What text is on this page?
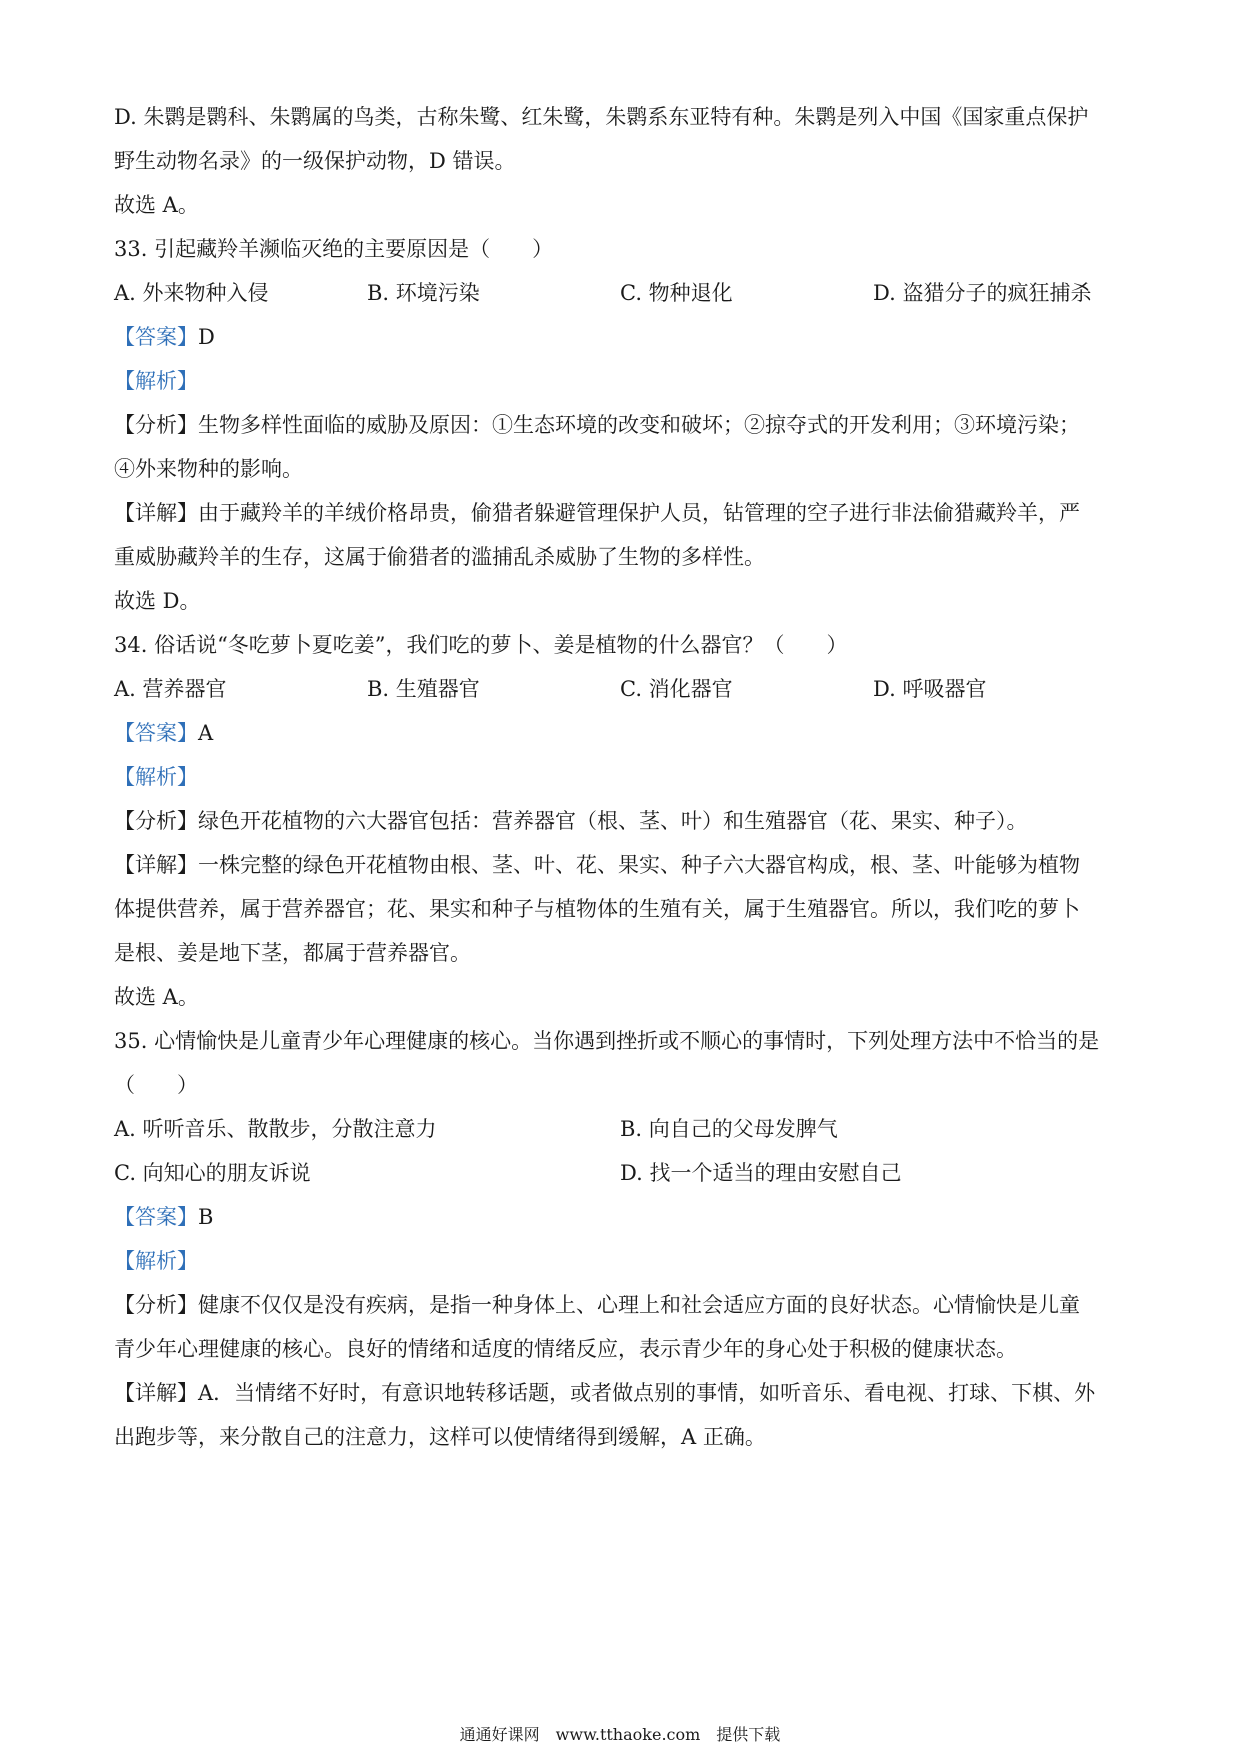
D. 朱鹮是鹮科、朱鹮属的鸟类，古称朱鹭、红朱鹭，朱鹮系东亚特有种。朱鹮是列入中国《国家重点保护
野生动物名录》的一级保护动物，D 错误。
故选 A。
33. 引起藏羚羊濒临灭绝的主要原因是（　　）
A. 外来物种入侵	B. 环境污染	C. 物种退化	D. 盗猎分子的疯狂捕杀
【答案】D
【解析】
【分析】生物多样性面临的威胁及原因：①生态环境的改变和破坏；②掠夺式的开发利用；③环境污染；
④外来物种的影响。
【详解】由于藏羚羊的羊绒价格昂贵，偷猎者躲避管理保护人员，钻管理的空子进行非法偷猎藏羚羊，严
重威胁藏羚羊的生存，这属于偷猎者的滥捕乱杀威胁了生物的多样性。
故选 D。
34. 俗话说“冬吃萝卜夏吃姜”，我们吃的萝卜、姜是植物的什么器官？（　　）
A. 营养器官	B. 生殖器官	C. 消化器官	D. 呼吸器官
【答案】A
【解析】
【分析】绿色开花植物的六大器官包括：营养器官（根、茎、叶）和生殖器官（花、果实、种子）。
【详解】一株完整的绿色开花植物由根、茎、叶、花、果实、种子六大器官构成，根、茎、叶能够为植物
体提供营养，属于营养器官；花、果实和种子与植物体的生殖有关，属于生殖器官。所以，我们吃的萝卜
是根、姜是地下茎，都属于营养器官。
故选 A。
35. 心情愉快是儿童青少年心理健康的核心。当你遇到挫折或不顺心的事情时，下列处理方法中不恰当的是
（　　）
A. 听听音乐、散散步，分散注意力	B. 向自己的父母发脾气
C. 向知心的朋友诉说	D. 找一个适当的理由安慰自己
【答案】B
【解析】
【分析】健康不仅仅是没有疾病，是指一种身体上、心理上和社会适应方面的良好状态。心情愉快是儿童
青少年心理健康的核心。良好的情绪和适度的情绪反应，表示青少年的身心处于积极的健康状态。
【详解】A．当情绪不好时，有意识地转移话题，或者做点别的事情，如听音乐、看电视、打球、下棋、外
出跑步等，来分散自己的注意力，这样可以使情绪得到缓解，A 正确。
通通好课网　www.tthaoke.com　提供下载
